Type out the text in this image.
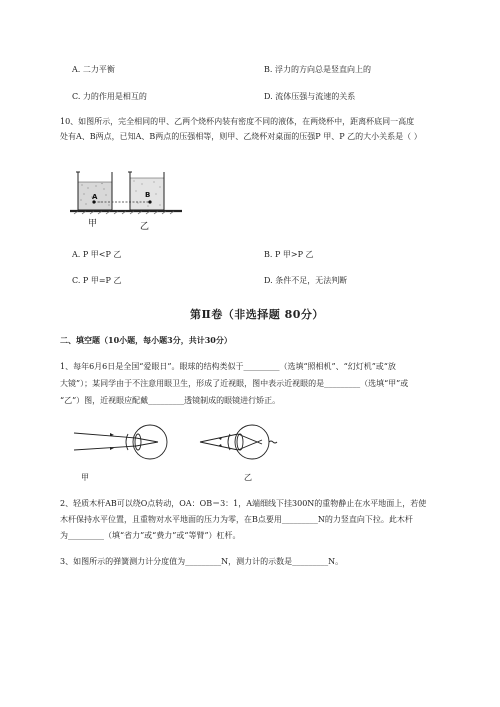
A. 二力平衡	B. 浮力的方向总是竖直向上的
C. 力的作用是相互的	D. 流体压强与流速的关系
10、如图所示，完全相同的甲、乙两个烧杯内装有密度不同的液体，在两烧杯中，距离杯底同一高度
处有A、B两点，已知A、B两点的压强相等，则甲、乙烧杯对桌面的压强P 甲、P 乙的大小关系是（ ）
A	B
甲	乙
A. P 甲<P 乙	B. P 甲>P 乙
C. P 甲=P 乙	D. 条件不足，无法判断
第Ⅱ卷（非选择题 80分）
二、填空题（10小题，每小题3分，共计30分）
1、每年6月6日是全国“爱眼日”。眼球的结构类似于_________（选填“照相机”、“幻灯机”或“放
大镜”）；某同学由于不注意用眼卫生，形成了近视眼，图中表示近视眼的是_________（选填“甲”或
“乙”）图，近视眼应配戴_________透镜制成的眼镜进行矫正。
甲	乙
2、轻质木杆AB可以绕O点转动，OA：OB＝3：1，A端细线下挂300N的重物静止在水平地面上，若使
木杆保持水平位置，且重物对水平地面的压力为零，在B点要用_________N的力竖直向下拉。此木杆
为_________（填“省力”或“费力”或“等臂”）杠杆。
3、如图所示的弹簧测力计分度值为_________N，测力计的示数是_________N。
